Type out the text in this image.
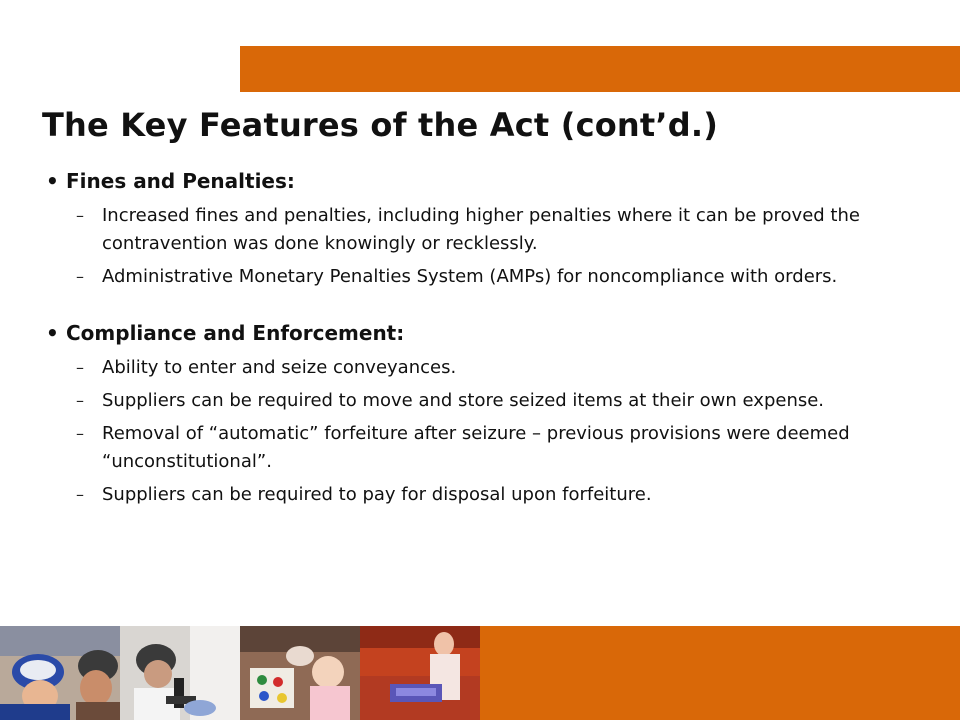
The Key Features of the Act (cont’d.)
• Fines and Penalties:
– Increased fines and penalties, including higher penalties where it can be proved the contravention was done knowingly or recklessly.
– Administrative Monetary Penalties System (AMPs) for noncompliance with orders.
• Compliance and Enforcement:
– Ability to enter and seize conveyances.
– Suppliers can be required to move and store seized items at their own expense.
– Removal of “automatic” forfeiture after seizure – previous provisions were deemed “unconstitutional”.
– Suppliers can be required to pay for disposal upon forfeiture.
